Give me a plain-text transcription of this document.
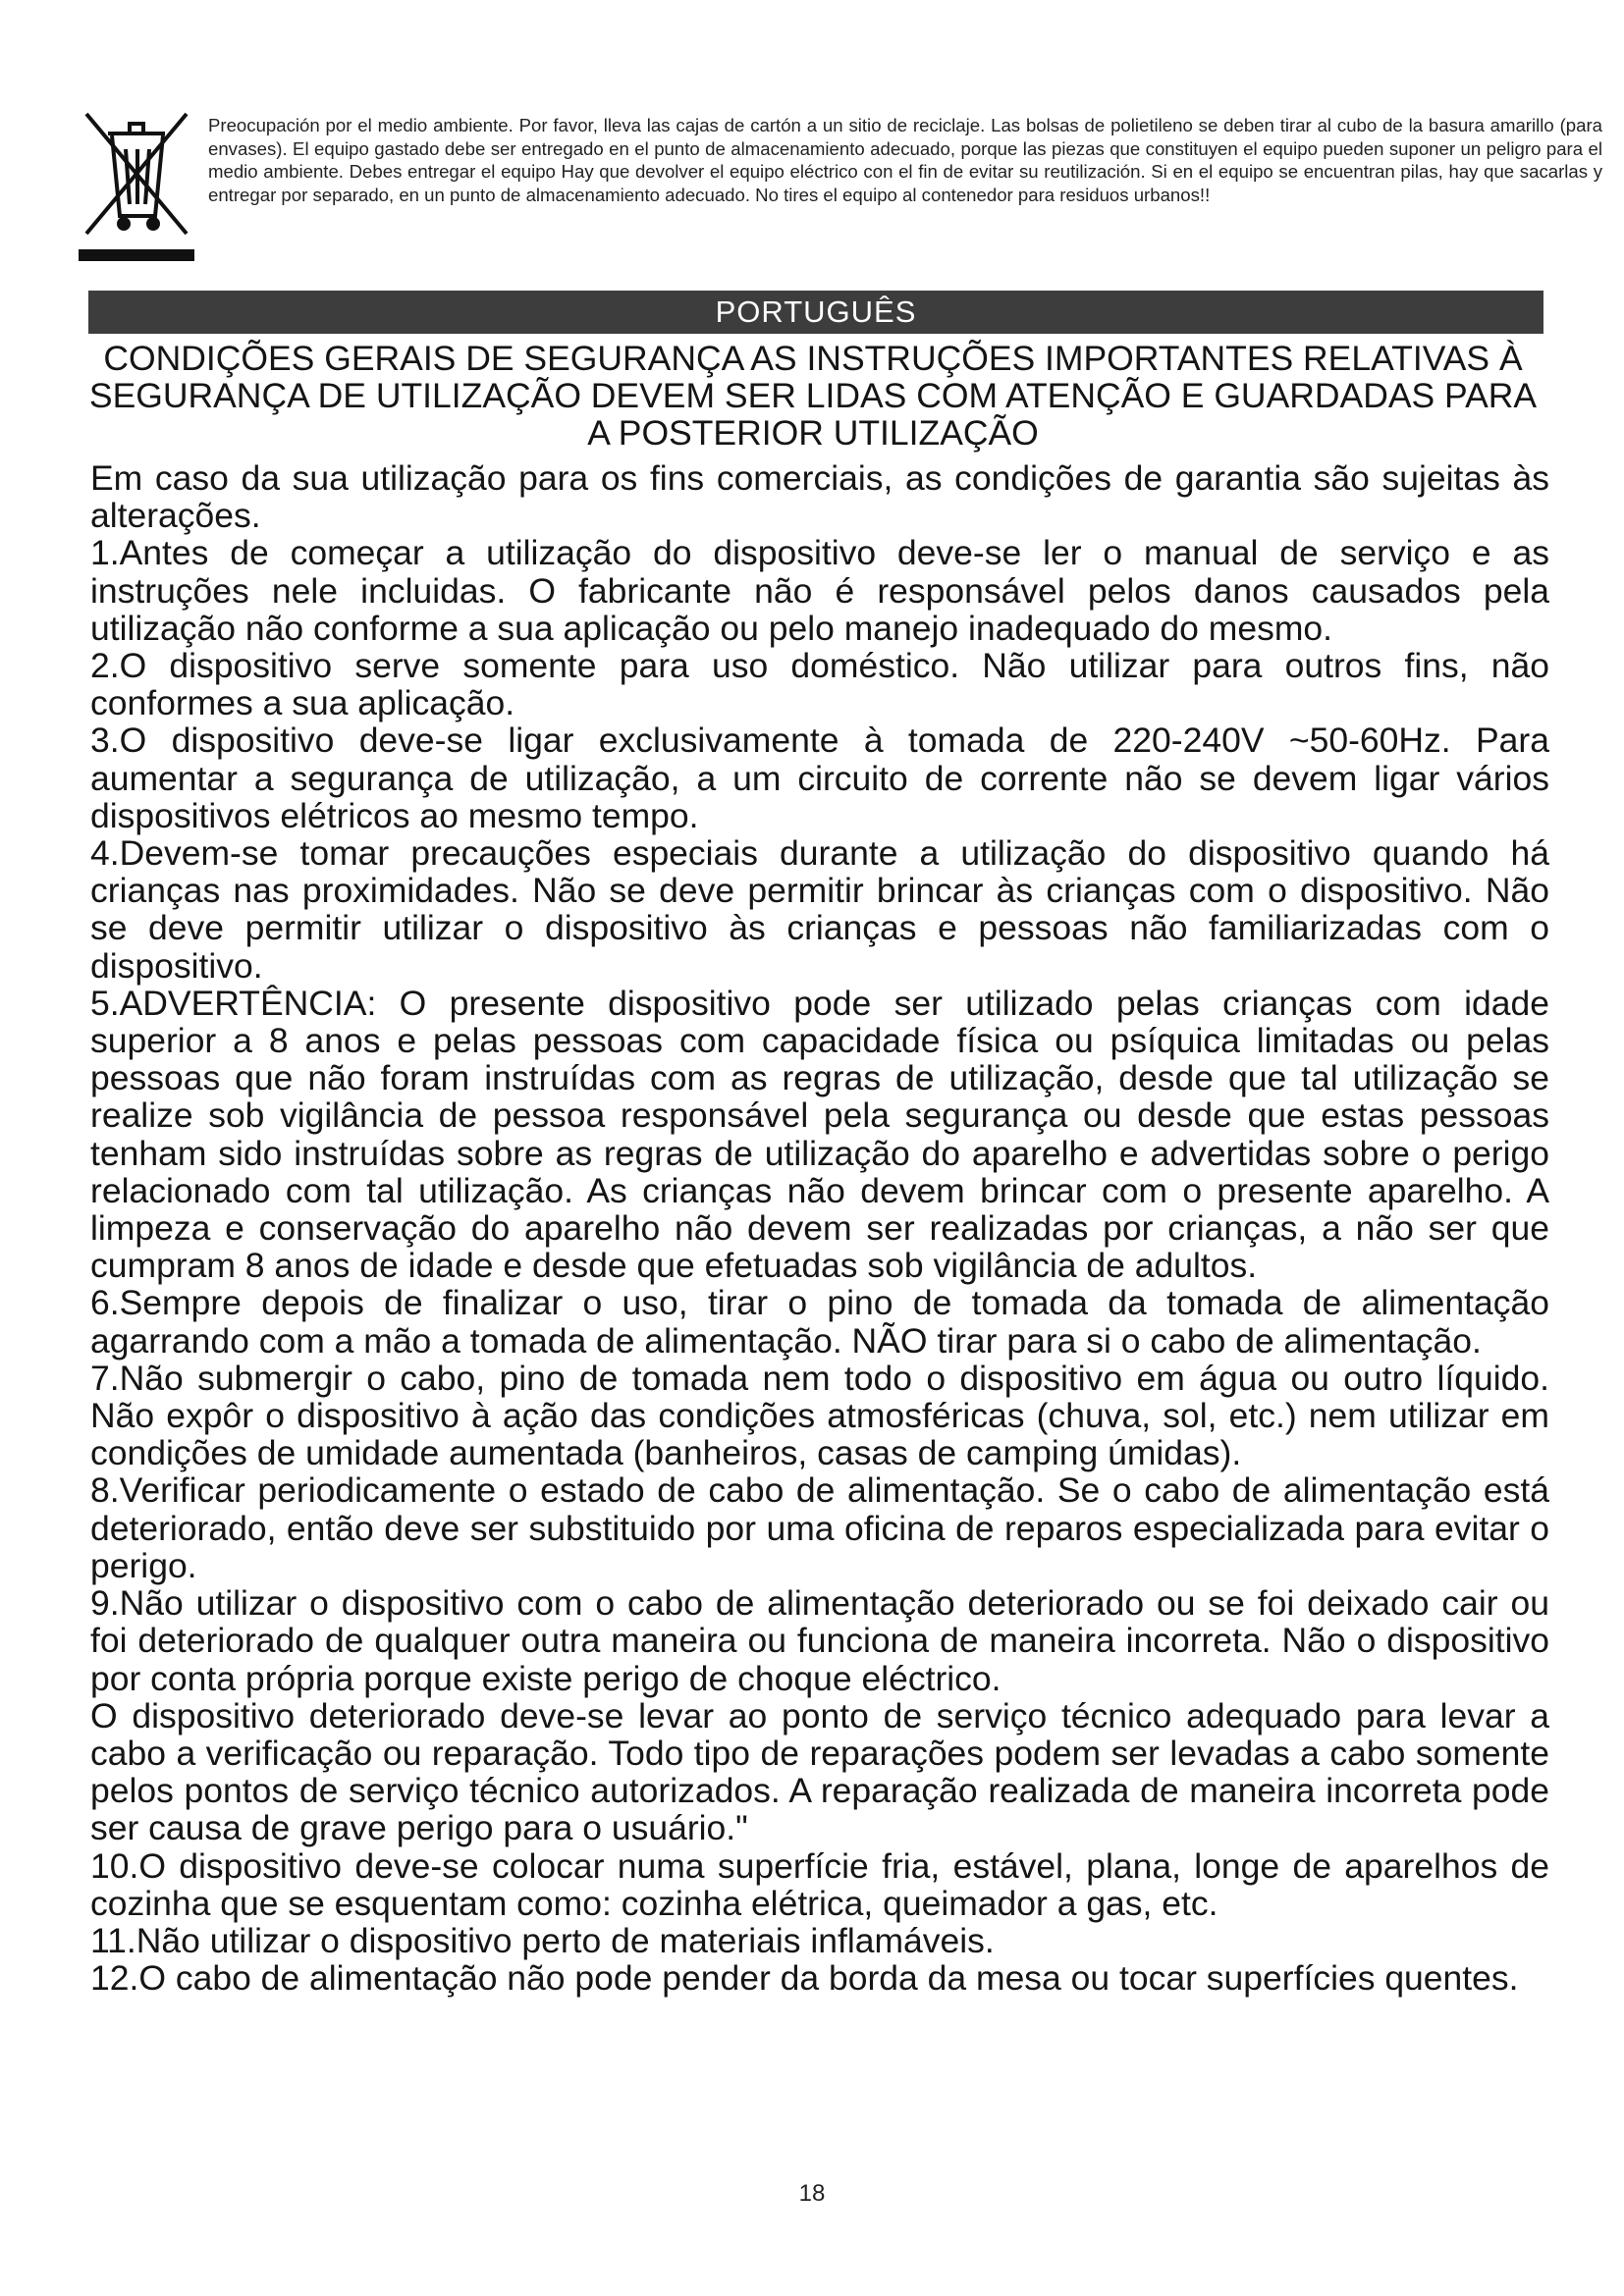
Preocupación por el medio ambiente. Por favor, lleva las cajas de cartón a un sitio de reciclaje. Las bolsas de polietileno se deben tirar al cubo de la basura amarillo (para envases). El equipo gastado debe ser entregado en el punto de almacenamiento adecuado, porque las piezas que constituyen el equipo pueden suponer un peligro para el medio ambiente. Debes entregar el equipo Hay que devolver el equipo eléctrico con el fin de evitar su reutilización. Si en el equipo se encuentran pilas, hay que sacarlas y entregar por separado, en un punto de almacenamiento adecuado. No tires el equipo al contenedor para residuos urbanos!!
PORTUGUÊS
CONDIÇÕES GERAIS DE SEGURANÇA AS INSTRUÇÕES IMPORTANTES RELATIVAS À SEGURANÇA DE UTILIZAÇÃO DEVEM SER LIDAS COM ATENÇÃO E GUARDADAS PARA A POSTERIOR UTILIZAÇÃO

Em caso da sua utilização para os fins comerciais, as condições de garantia são sujeitas às alterações.

1.Antes de começar a utilização do dispositivo deve-se ler o manual de serviço e as instruções nele incluidas. O fabricante não é responsável pelos danos causados pela utilização não conforme a sua aplicação ou pelo manejo inadequado do mesmo.

2.O dispositivo serve somente para uso doméstico. Não utilizar para outros fins, não conformes a sua aplicação.

3.O dispositivo deve-se ligar exclusivamente à tomada de 220-240V ~50-60Hz. Para aumentar a segurança de utilização, a um circuito de corrente não se devem ligar vários dispositivos elétricos ao mesmo tempo.

4.Devem-se tomar precauções especiais durante a utilização do dispositivo quando há crianças nas proximidades. Não se deve permitir brincar às crianças com o dispositivo. Não se deve permitir utilizar o dispositivo às crianças e pessoas não familiarizadas com o dispositivo.

5.ADVERTÊNCIA: O presente dispositivo pode ser utilizado pelas crianças com idade superior a 8 anos e pelas pessoas com capacidade física ou psíquica limitadas ou pelas pessoas que não foram instruídas com as regras de utilização, desde que tal utilização se realize sob vigilância de pessoa responsável pela segurança ou desde que estas pessoas tenham sido instruídas sobre as regras de utilização do aparelho e advertidas sobre o perigo relacionado com tal utilização. As crianças não devem brincar com o presente aparelho. A limpeza e conservação do aparelho não devem ser realizadas por crianças, a não ser que cumpram 8 anos de idade e desde que efetuadas sob vigilância de adultos.

6.Sempre depois de finalizar o uso, tirar o pino de tomada da tomada de alimentação agarrando com a mão a tomada de alimentação. NÃO tirar para si o cabo de alimentação.

7.Não submergir o cabo, pino de tomada nem todo o dispositivo em água ou outro líquido. Não expôr o dispositivo à ação das condições atmosféricas (chuva, sol, etc.) nem utilizar em condições de umidade aumentada (banheiros, casas de camping úmidas).

8.Verificar periodicamente o estado de cabo de alimentação. Se o cabo de alimentação está deteriorado, então deve ser substituido por uma oficina de reparos especializada para evitar o perigo.

9.Não utilizar o dispositivo com o cabo de alimentação deteriorado ou se foi deixado cair ou foi deteriorado de qualquer outra maneira ou funciona de maneira incorreta. Não o dispositivo por conta própria porque existe perigo de choque eléctrico.

O dispositivo deteriorado deve-se levar ao ponto de serviço técnico adequado para levar a cabo a verificação ou reparação. Todo tipo de reparações podem ser levadas a cabo somente pelos pontos de serviço técnico autorizados. A reparação realizada de maneira incorreta pode ser causa de grave perigo para o usuário."

10.O dispositivo deve-se colocar numa superfície fria, estável, plana, longe de aparelhos de cozinha que se esquentam como: cozinha elétrica, queimador a gas, etc.

11.Não utilizar o dispositivo perto de materiais inflamáveis.

12.O cabo de alimentação não pode pender da borda da mesa ou tocar superfícies quentes.

18
